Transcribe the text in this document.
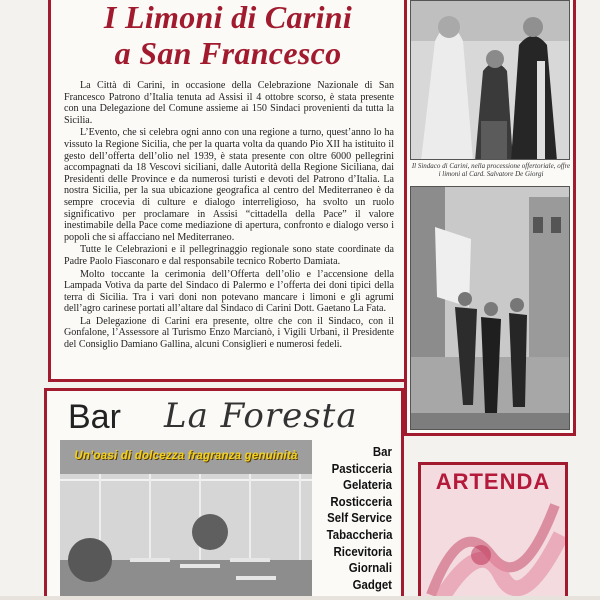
I Limoni di Carini
a San Francesco

La Città di Carini, in occasione della Celebrazione Nazionale di San Francesco Patrono d’Italia tenuta ad Assisi il 4 ottobre scorso, è stata presente con una Delegazione del Comune assieme ai 150 Sindaci provenienti da tutta la Sicilia.

L’Evento, che si celebra ogni anno con una regione a turno, quest’anno lo ha vissuto la Regione Sicilia, che per la quarta volta da quando Pio XII ha istituito il gesto dell’offerta dell’olio nel 1939, è stata presente con oltre 6000 pellegrini accompagnati da 18 Vescovi siciliani, dalle Autorità della Regione Siciliana, dai Presidenti delle Province e da numerosi turisti e devoti del Patrono d’Italia. La nostra Sicilia, per la sua ubicazione geografica al centro del Mediterraneo è da sempre crocevia di culture e dialogo interreligioso, ha svolto un ruolo significativo per proclamare in Assisi “cittadella della Pace” il valore inestimabile della Pace come mediazione di apertura, confronto e dialogo verso i popoli che si affacciano nel Mediterraneo.

Tutte le Celebrazioni e il pellegrinaggio regionale sono state coordinate da Padre Paolo Fiasconaro e dal responsabile tecnico Roberto Damiata.

Molto toccante la cerimonia dell’Offerta dell’olio e l’accensione della Lampada Votiva da parte del Sindaco di Palermo e l’offerta dei doni tipici della terra di Sicilia. Tra i vari doni non potevano mancare i limoni e gli agrumi dell’agro carinese portati all’altare dal Sindaco di Carini Dott. Gaetano La Fata.

La Delegazione di Carini era presente, oltre che con il Sindaco, con il Gonfalone, l’Assessore al Turismo Enzo Marcianò, i Vigili Urbani, il Presidente del Consiglio Damiano Gallina, alcuni Consiglieri e numerosi fedeli.

Il Sindaco di Carini, nella processione offertoriale, offre i limoni al Card. Salvatore De Giorgi

Bar La Foresta
Un’oasi di dolcezza fragranza genuinità	Bar
Pasticceria
Gelateria
Rosticceria
Self Service
Tabaccheria
Ricevitoria
Giornali
Gadget
ARTENDA
